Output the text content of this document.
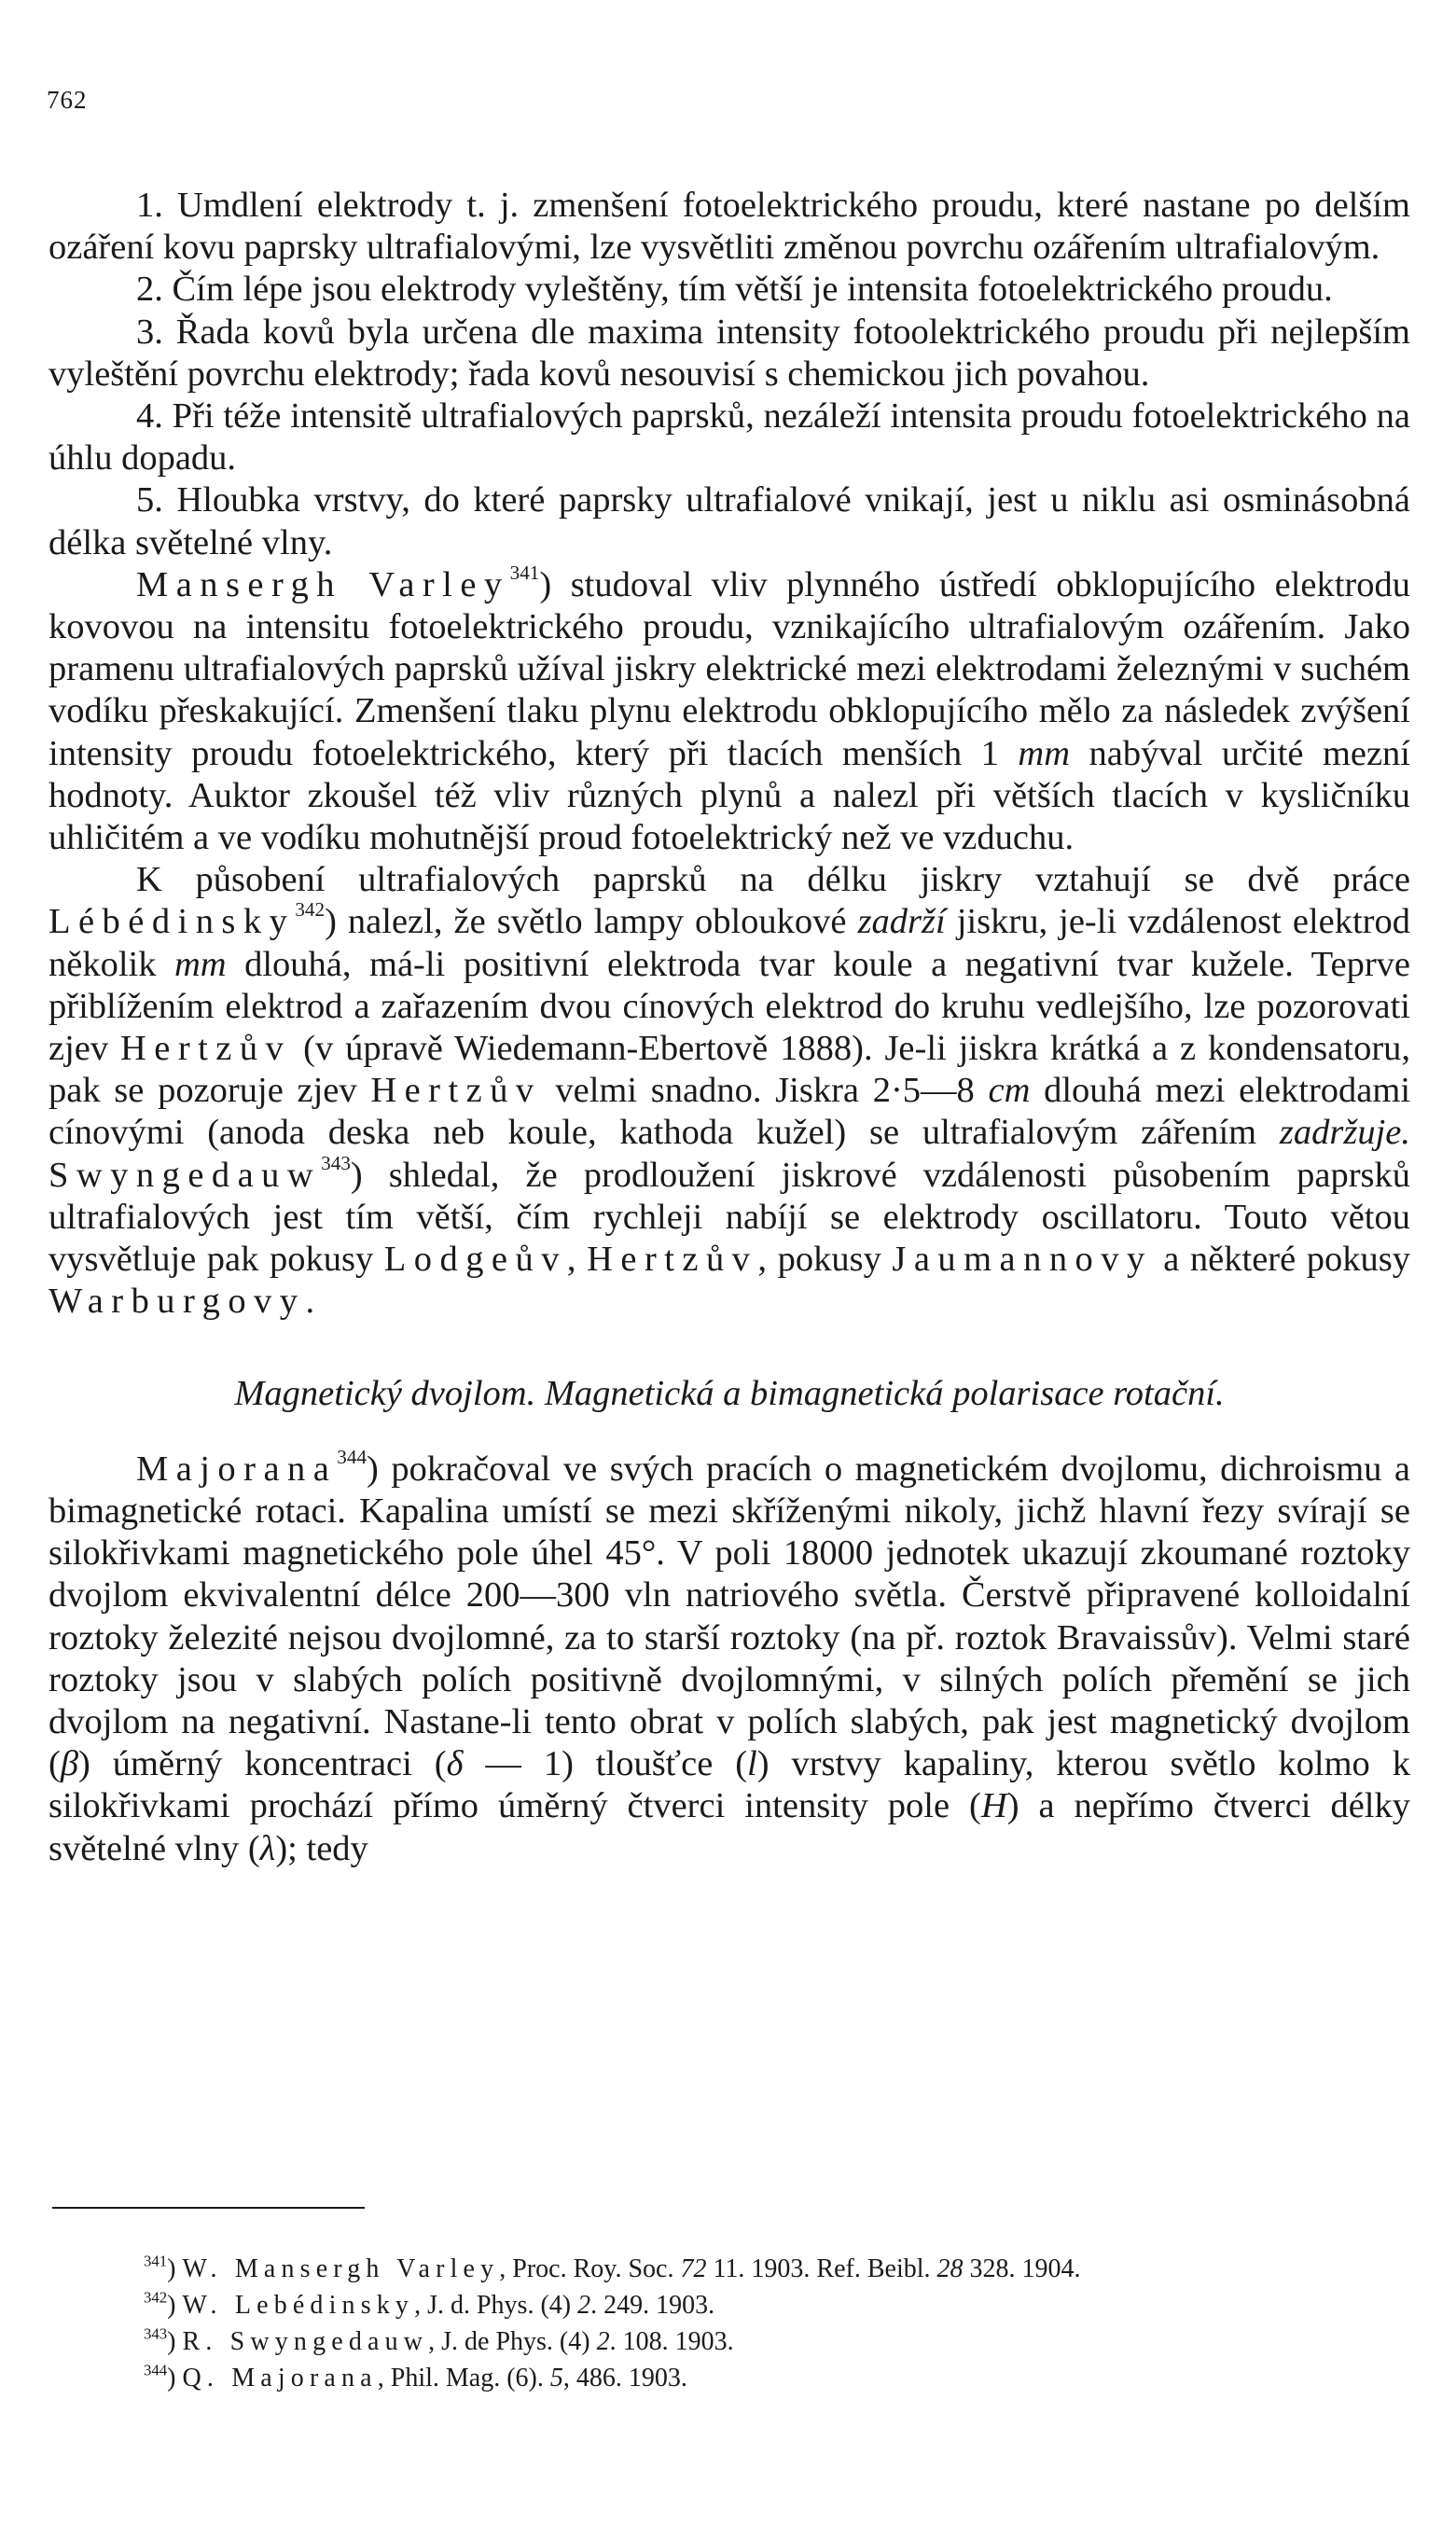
762

1. Umdlení elektrody t. j. zmenšení fotoelektrického proudu, které nastane po delším ozáření kovu paprsky ultrafialovými, lze vysvětliti změnou povrchu ozářením ultrafialovým.

2. Čím lépe jsou elektrody vyleštěny, tím větší je intensita fotoelektrického proudu.

3. Řada kovů byla určena dle maxima intensity fotoolektrického proudu při nejlepším vyleštění povrchu elektrody; řada kovů nesouvisí s chemickou jich povahou.

4. Při téže intensitě ultrafialových paprsků, nezáleží intensita proudu fotoelektrického na úhlu dopadu.

5. Hloubka vrstvy, do které paprsky ultrafialové vnikají, jest u niklu asi osminásobná délka světelné vlny.

Mansergh Varley$^{341}$) studoval vliv plynného ústředí obklopujícího elektrodu kovovou na intensitu fotoelektrického proudu, vznikajícího ultrafialovým ozářením. Jako pramenu ultrafialových paprsků užíval jiskry elektrické mezi elektrodami železnými v suchém vodíku přeskakující. Zmenšení tlaku plynu elektrodu obklopujícího mělo za následek zvýšení intensity proudu fotoelektrického, který při tlacích menších 1 mm nabýval určité mezní hodnoty. Auktor zkoušel též vliv různých plynů a nalezl při větších tlacích v kysličníku uhličitém a ve vodíku mohutnější proud fotoelektrický než ve vzduchu.

K působení ultrafialových paprsků na délku jiskry vztahují se dvě práce Lébédinsky$^{342}$) nalezl, že světlo lampy obloukové zadrží jiskru, je-li vzdálenost elektrod několik mm dlouhá, má-li positivní elektroda tvar koule a negativní tvar kužele. Teprve přiblížením elektrod a zařazením dvou cínových elektrod do kruhu vedlejšího, lze pozorovati zjev Hertzův (v úpravě Wiedemann-Ebertově 1888). Je-li jiskra krátká a z kondensatoru, pak se pozoruje zjev Hertzův velmi snadno. Jiskra 2·5—8 cm dlouhá mezi elektrodami cínovými (anoda deska neb koule, kathoda kužel) se ultrafialovým zářením zadržuje. Swyngedauw$^{343}$) shledal, že prodloužení jiskrové vzdálenosti působením paprsků ultrafialových jest tím větší, čím rychleji nabíjí se elektrody oscillatoru. Touto větou vysvětluje pak pokusy Lodgeův, Hertzův, pokusy Jaumannovy a některé pokusy Warburgovy.

Magnetický dvojlom. Magnetická a bimagnetická polarisace rotační.

Majorana$^{344}$) pokračoval ve svých pracích o magnetickém dvojlomu, dichroismu a bimagnetické rotaci. Kapalina umístí se mezi skříženými nikoly, jichž hlavní řezy svírají se silokřivkami magnetického pole úhel 45°. V poli 18000 jednotek ukazují zkoumané roztoky dvojlom ekvivalentní délce 200—300 vln natriového světla. Čerstvě připravené kolloidalní roztoky železité nejsou dvojlomné, za to starší roztoky (na př. roztok Bravaissův). Velmi staré roztoky jsou v slabých polích positivně dvojlomnými, v silných polích přemění se jich dvojlom na negativní. Nastane-li tento obrat v polích slabých, pak jest magnetický dvojlom (β) úměrný koncentraci (δ — 1) tloušťce (l) vrstvy kapaliny, kterou světlo kolmo k silokřivkami prochází přímo úměrný čtverci intensity pole (H) a nepřímo čtverci délky světelné vlny (λ); tedy

$^{341}$) W. Mansergh Varley, Proc. Roy. Soc. 72 11. 1903. Ref. Beibl. 28 328. 1904.
$^{342}$) W. Lebédinsky, J. d. Phys. (4) 2. 249. 1903.
$^{343}$) R. Swyngedauw, J. de Phys. (4) 2. 108. 1903.
$^{344}$) Q. Majorana, Phil. Mag. (6). 5, 486. 1903.
